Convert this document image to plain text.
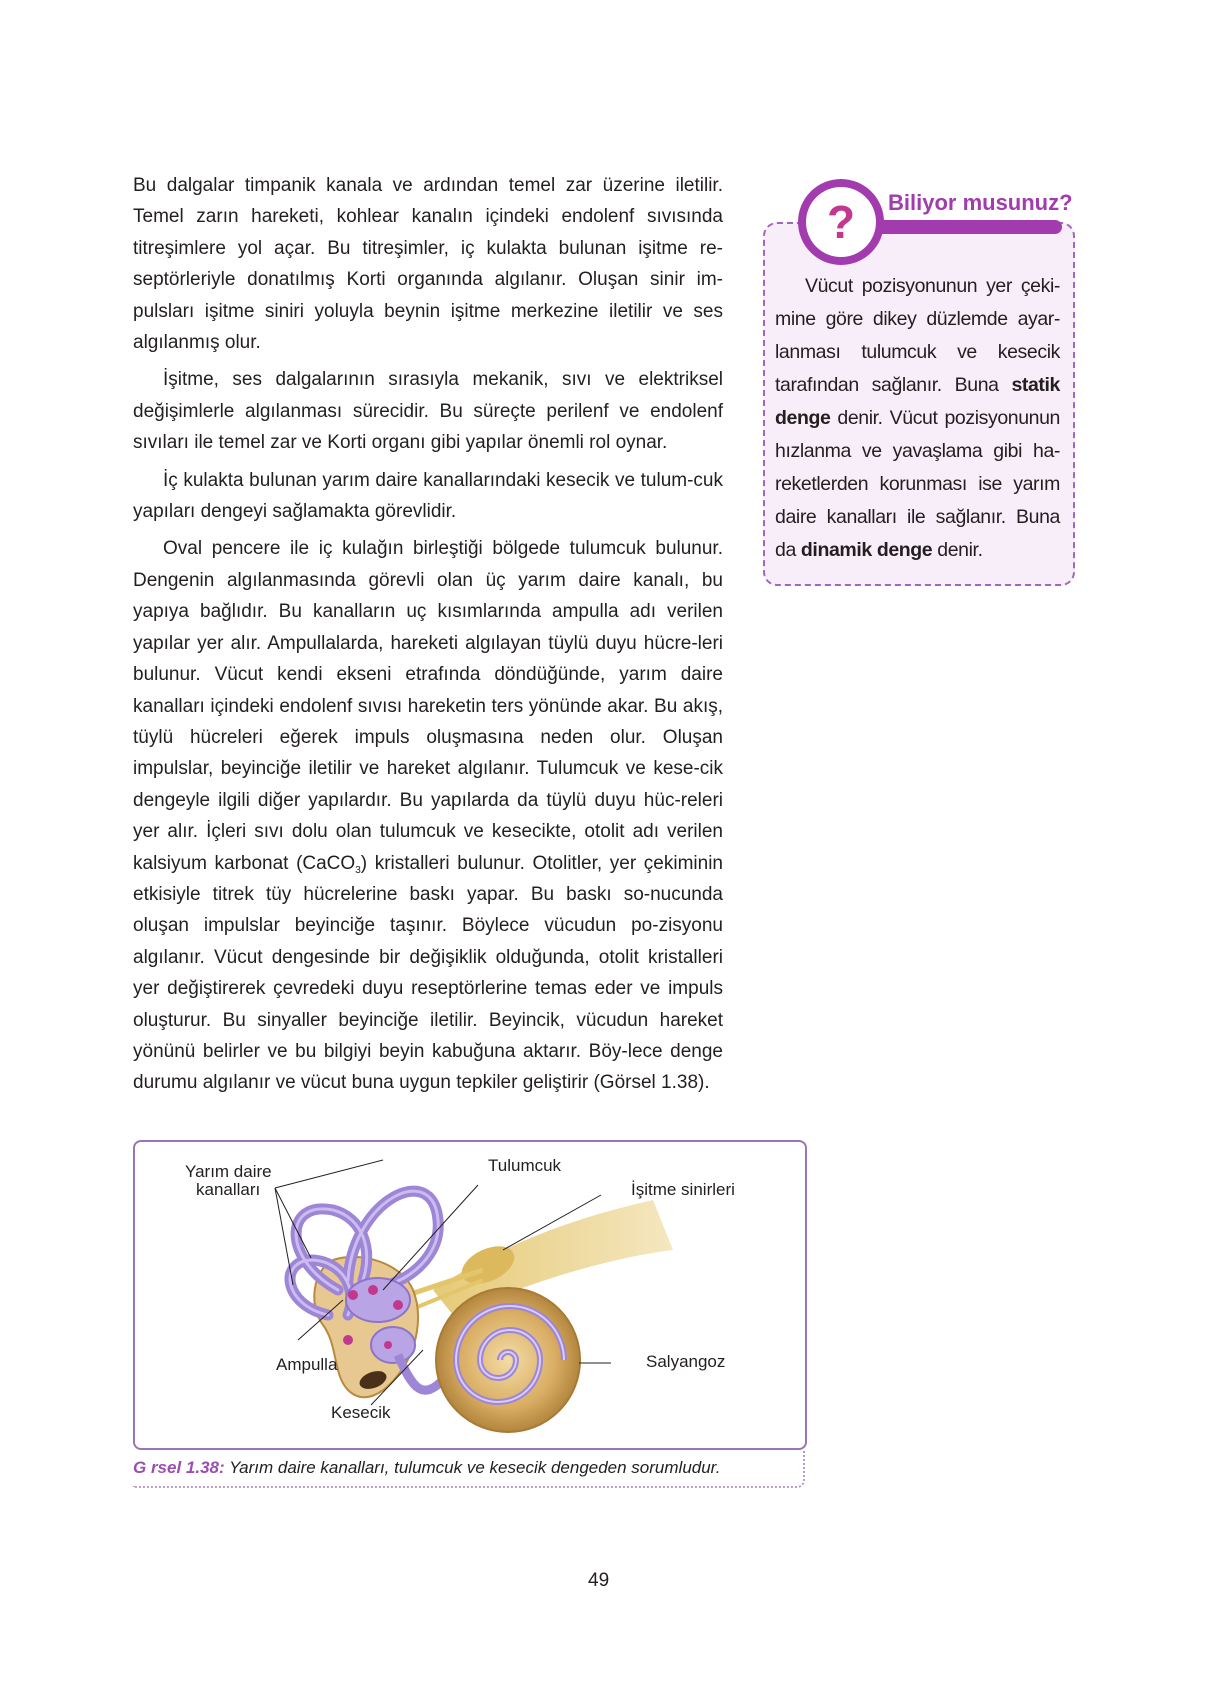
Bu dalgalar timpanik kanala ve ardından temel zar üzerine iletilir. Temel zarın hareketi, kohlear kanalın içindeki endolenf sıvısında titreşimlere yol açar. Bu titreşimler, iç kulakta bulunan işitme re-septörleriyle donatılmış Korti organında algılanır. Oluşan sinir im-pulsları işitme siniri yoluyla beynin işitme merkezine iletilir ve ses algılanmış olur.

İşitme, ses dalgalarının sırasıyla mekanik, sıvı ve elektriksel değişimlerle algılanması sürecidir. Bu süreçte perilenf ve endolenf sıvıları ile temel zar ve Korti organı gibi yapılar önemli rol oynar.

İç kulakta bulunan yarım daire kanallarındaki kesecik ve tulum-cuk yapıları dengeyi sağlamakta görevlidir.

Oval pencere ile iç kulağın birleştiği bölgede tulumcuk bulunur. Dengenin algılanmasında görevli olan üç yarım daire kanalı, bu yapıya bağlıdır. Bu kanalların uç kısımlarında ampulla adı verilen yapılar yer alır. Ampullalarda, hareketi algılayan tüylü duyu hücre-leri bulunur. Vücut kendi ekseni etrafında döndüğünde, yarım daire kanalları içindeki endolenf sıvısı hareketin ters yönünde akar. Bu akış, tüylü hücreleri eğerek impuls oluşmasına neden olur. Oluşan impulslar, beyinciğe iletilir ve hareket algılanır. Tulumcuk ve kese-cik dengeyle ilgili diğer yapılardır. Bu yapılarda da tüylü duyu hüc-releri yer alır. İçleri sıvı dolu olan tulumcuk ve kesecikte, otolit adı verilen kalsiyum karbonat (CaCO$_3$) kristalleri bulunur. Otolitler, yer çekiminin etkisiyle titrek tüy hücrelerine baskı yapar. Bu baskı so-nucunda oluşan impulslar beyinciğe taşınır. Böylece vücudun po-zisyonu algılanır. Vücut dengesinde bir değişiklik olduğunda, otolit kristalleri yer değiştirerek çevredeki duyu reseptörlerine temas eder ve impuls oluşturur. Bu sinyaller beyinciğe iletilir. Beyincik, vücudun hareket yönünü belirler ve bu bilgiyi beyin kabuğuna aktarır. Böy-lece denge durumu algılanır ve vücut buna uygun tepkiler geliştirir (Görsel 1.38).

Biliyor musunuz?
?

Vücut pozisyonunun yer çeki-mine göre dikey düzlemde ayar-lanması tulumcuk ve kesecik tarafından sağlanır. Buna statik denge denir. Vücut pozisyonunun hızlanma ve yavaşlama gibi ha-reketlerden korunması ise yarım daire kanalları ile sağlanır. Buna da dinamik denge denir.

Yarım daire
kanalları
Tulumcuk
İşitme sinirleri
Ampulla	Salyangoz
Kesecik
G rsel 1.38: Yarım daire kanalları, tulumcuk ve kesecik dengeden sorumludur.
49
